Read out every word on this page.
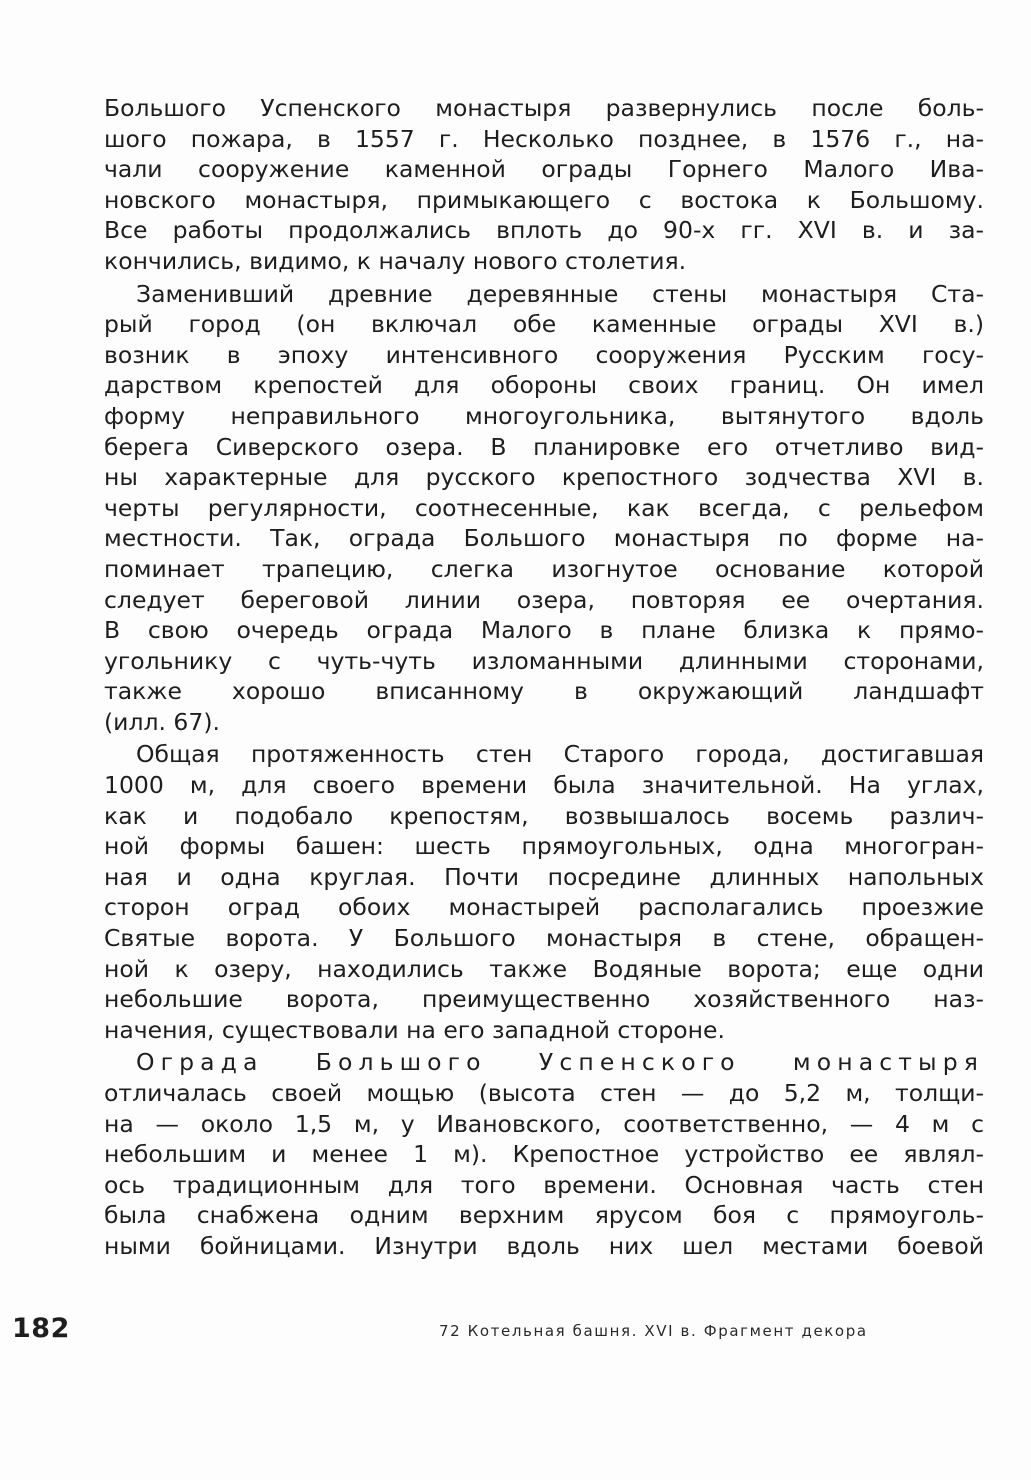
Большого Успенского монастыря развернулись после боль-
шого пожара, в 1557 г. Несколько позднее, в 1576 г., на-
чали сооружение каменной ограды Горнего Малого Ива-
новского монастыря, примыкающего с востока к Большому.
Все работы продолжались вплоть до 90-х гг. XVI в. и за-
кончились, видимо, к началу нового столетия.
Заменивший древние деревянные стены монастыря Ста-
рый город (он включал обе каменные ограды XVI в.)
возник в эпоху интенсивного сооружения Русским госу-
дарством крепостей для обороны своих границ. Он имел
форму неправильного многоугольника, вытянутого вдоль
берега Сиверского озера. В планировке его отчетливо вид-
ны характерные для русского крепостного зодчества XVI в.
черты регулярности, соотнесенные, как всегда, с рельефом
местности. Так, ограда Большого монастыря по форме на-
поминает трапецию, слегка изогнутое основание которой
следует береговой линии озера, повторяя ее очертания.
В свою очередь ограда Малого в плане близка к прямо-
угольнику с чуть-чуть изломанными длинными сторонами,
также хорошо вписанному в окружающий ландшафт
(илл. 67).
Общая протяженность стен Старого города, достигавшая
1000 м, для своего времени была значительной. На углах,
как и подобало крепостям, возвышалось восемь различ-
ной формы башен: шесть прямоугольных, одна многогран-
ная и одна круглая. Почти посредине длинных напольных
сторон оград обоих монастырей располагались проезжие
Святые ворота. У Большого монастыря в стене, обращен-
ной к озеру, находились также Водяные ворота; еще одни
небольшие ворота, преимущественно хозяйственного наз-
начения, существовали на его западной стороне.
Ограда Большого Успенского монастыря
отличалась своей мощью (высота стен — до 5,2 м, толщи-
на — около 1,5 м, у Ивановского, соответственно, — 4 м с
небольшим и менее 1 м). Крепостное устройство ее являл-
ось традиционным для того времени. Основная часть стен
была снабжена одним верхним ярусом боя с прямоуголь-
ными бойницами. Изнутри вдоль них шел местами боевой
182	72 Котельная башня. XVI в. Фрагмент декора
